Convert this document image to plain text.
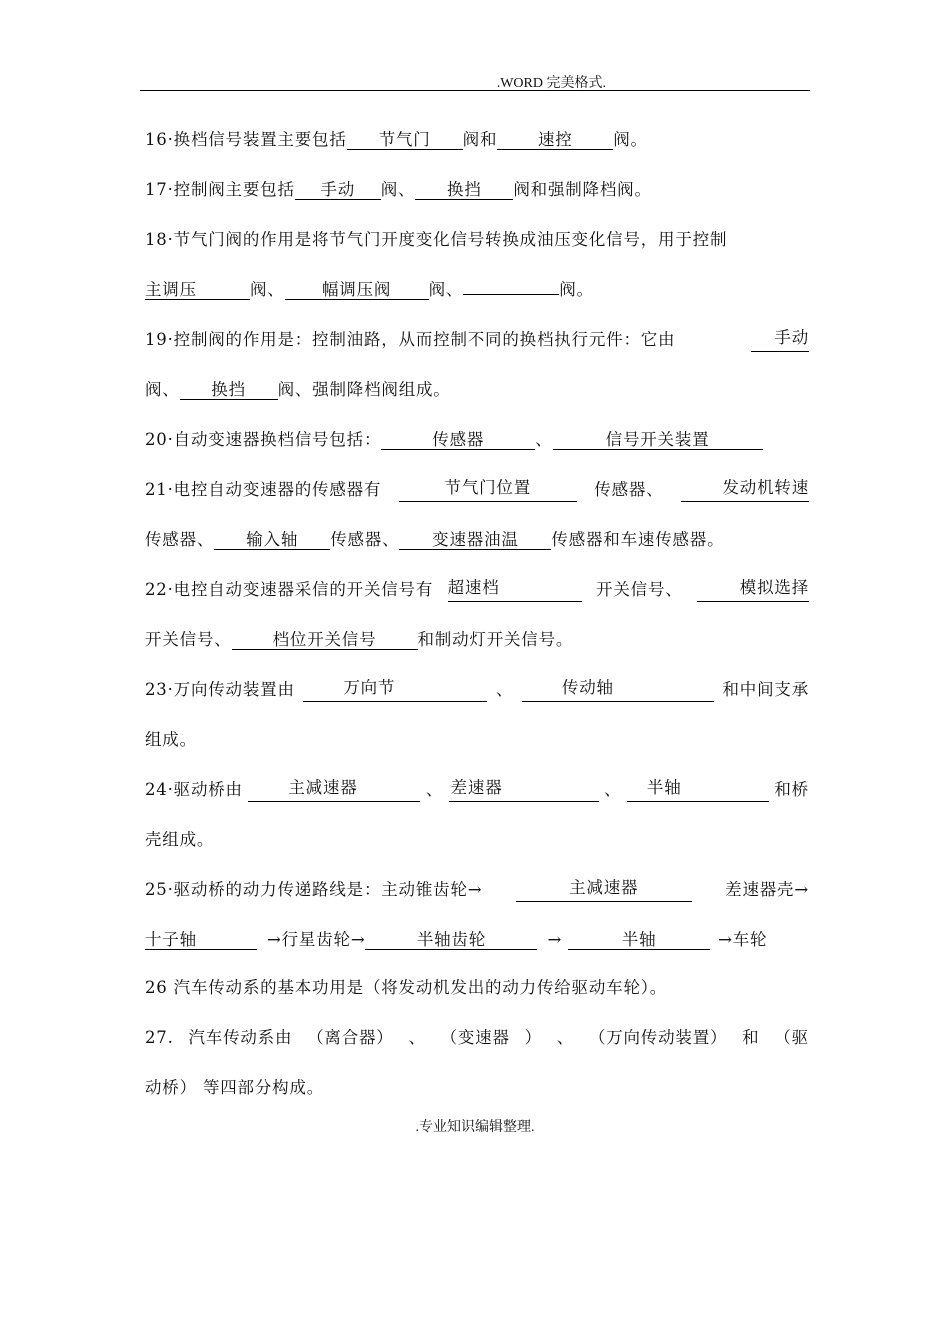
.WORD 完美格式.
16·换档信号装置主要包括 节气门 阀和 速控 阀。
17·控制阀主要包括 手动 阀、 换挡 阀和强制降档阀。
18·节气门阀的作用是将节气门开度变化信号转换成油压变化信号，用于控制
主调压	阀、 幅调压阀 阀、	阀。
19·控制阀的作用是：控制油路，从而控制不同的换档执行元件：它由	手动
阀、 换挡 阀、强制降档阀组成。
20·自动变速器换档信号包括：	传感器	、	信号开关装置
21·电控自动变速器的传感器有	节气门位置	传感器、	发动机转速
传感器、 输入轴 传感器、 变速器油温 传感器和车速传感器。
22·电控自动变速器采信的开关信号有 超速档	开关信号、	模拟选择
开关信号、 档位开关信号 和制动灯开关信号。
23·万向传动装置由	万向节	、	传动轴	和中间支承
组成。
24·驱动桥由	主减速器	、 差速器	、	半轴	和桥
壳组成。
25·驱动桥的动力传递路线是：主动锥齿轮→	主减速器	差速器壳→
十子轴	→行星齿轮→	半轴齿轮	→	半轴	→车轮
26 汽车传动系的基本功用是（将发动机发出的动力传给驱动车轮）。
27. 汽车传动系由 （离合器） 、 （变速器 ） 、 （万向传动装置） 和 （驱
动桥） 等四部分构成。
.专业知识编辑整理.
